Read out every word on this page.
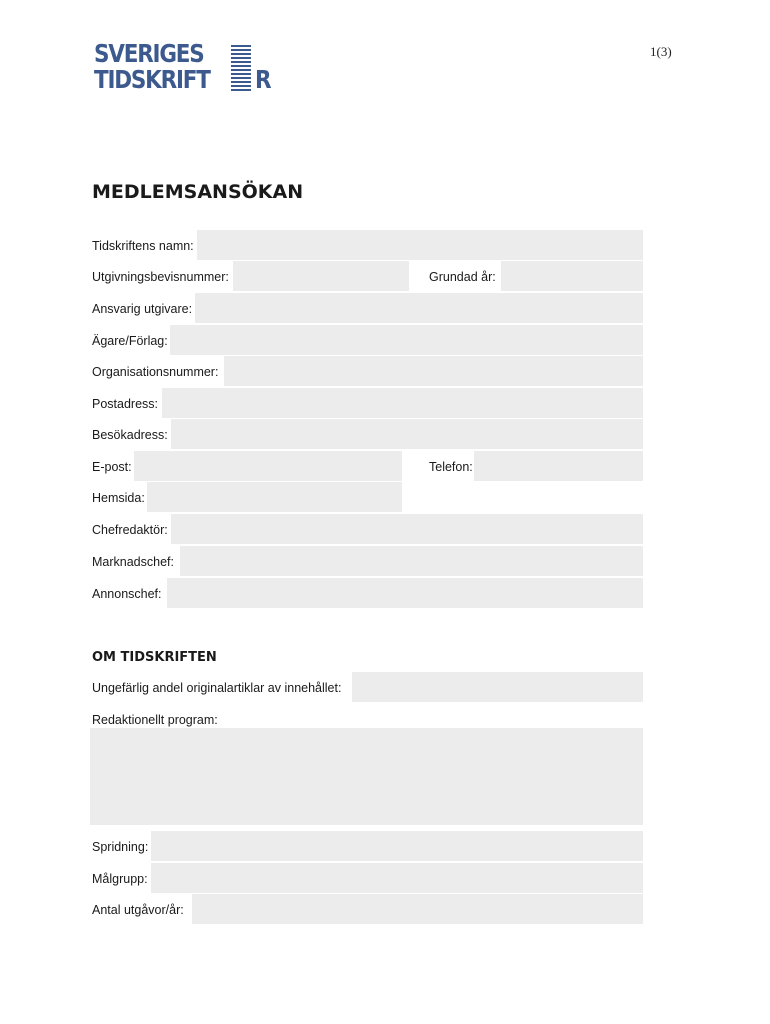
SVERIGES
TIDSKRIFT R
1(3)
MEDLEMSANSÖKAN
Tidskriftens namn:
Utgivningsbevisnummer:	Grundad år:
Ansvarig utgivare:
Ägare/Förlag:
Organisationsnummer:
Postadress:
Besökadress:
E-post:	Telefon:
Hemsida:
Chefredaktör:
Marknadschef:
Annonschef:
OM TIDSKRIFTEN
Ungefärlig andel originalartiklar av innehållet:
Redaktionellt program:
Spridning:
Målgrupp:
Antal utgåvor/år:
